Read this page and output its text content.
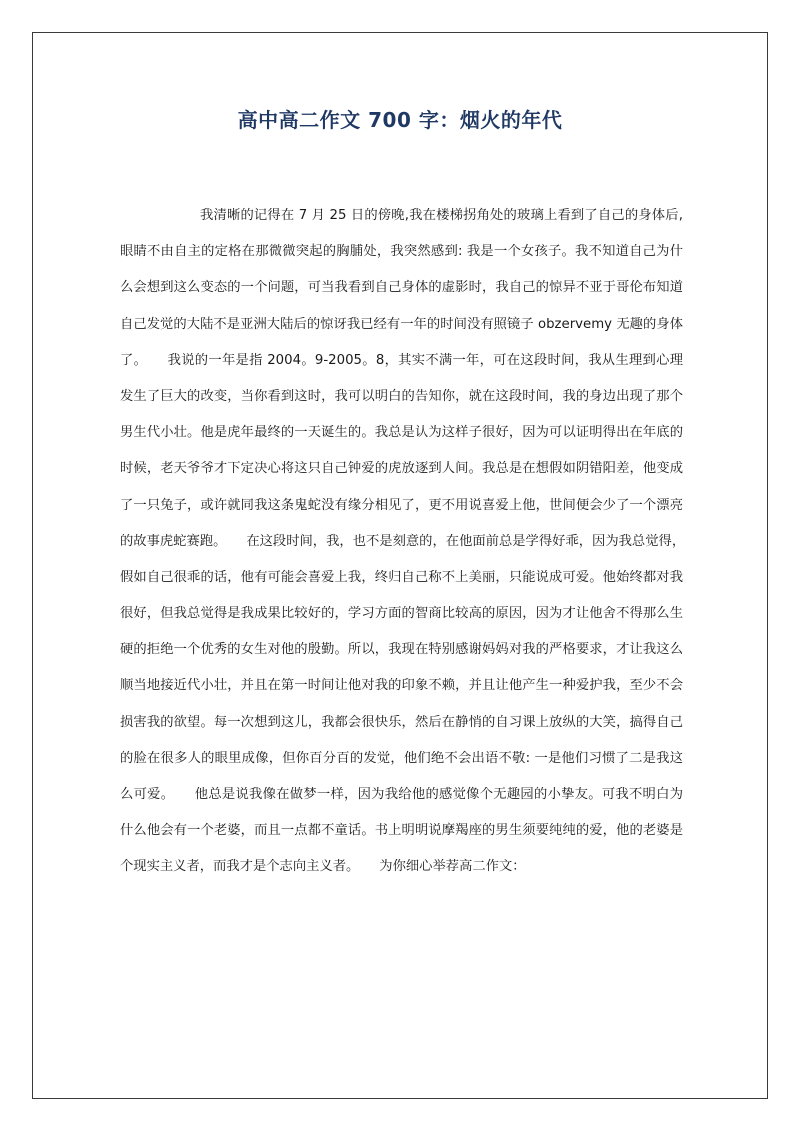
高中高二作文 700 字：烟火的年代

我清晰的记得在 7 月 25 日的傍晚,我在楼梯拐角处的玻璃上看到了自己的身体后,

眼睛不由自主的定格在那微微突起的胸脯处，我突然感到: 我是一个女孩子。我不知道自己为什

么会想到这么变态的一个问题，可当我看到自己身体的虚影时，我自己的惊异不亚于哥伦布知道

自己发觉的大陆不是亚洲大陆后的惊讶我已经有一年的时间没有照镜子 obzervemy 无趣的身体

了。　　我说的一年是指 2004。9-2005。8，其实不满一年，可在这段时间，我从生理到心理

发生了巨大的改变，当你看到这时，我可以明白的告知你，就在这段时间，我的身边出现了那个

男生代小壮。他是虎年最终的一天诞生的。我总是认为这样子很好，因为可以证明得出在年底的

时候，老天爷爷才下定决心将这只自己钟爱的虎放逐到人间。我总是在想假如阴错阳差，他变成

了一只兔子，或许就同我这条鬼蛇没有缘分相见了，更不用说喜爱上他，世间便会少了一个漂亮

的故事虎蛇赛跑。　　在这段时间，我，也不是刻意的，在他面前总是学得好乖，因为我总觉得，

假如自己很乖的话，他有可能会喜爱上我，终归自己称不上美丽，只能说成可爱。他始终都对我

很好，但我总觉得是我成果比较好的，学习方面的智商比较高的原因，因为才让他舍不得那么生

硬的拒绝一个优秀的女生对他的殷勤。所以，我现在特别感谢妈妈对我的严格要求，才让我这么

顺当地接近代小壮，并且在第一时间让他对我的印象不赖，并且让他产生一种爱护我，至少不会

损害我的欲望。每一次想到这儿，我都会很快乐，然后在静悄的自习课上放纵的大笑，搞得自己

的脸在很多人的眼里成像，但你百分百的发觉，他们绝不会出语不敬: 一是他们习惯了二是我这

么可爱。　　他总是说我像在做梦一样，因为我给他的感觉像个无趣园的小挚友。可我不明白为

什么他会有一个老婆，而且一点都不童话。书上明明说摩羯座的男生须要纯纯的爱，他的老婆是

个现实主义者，而我才是个志向主义者。　　为你细心举荐高二作文：
